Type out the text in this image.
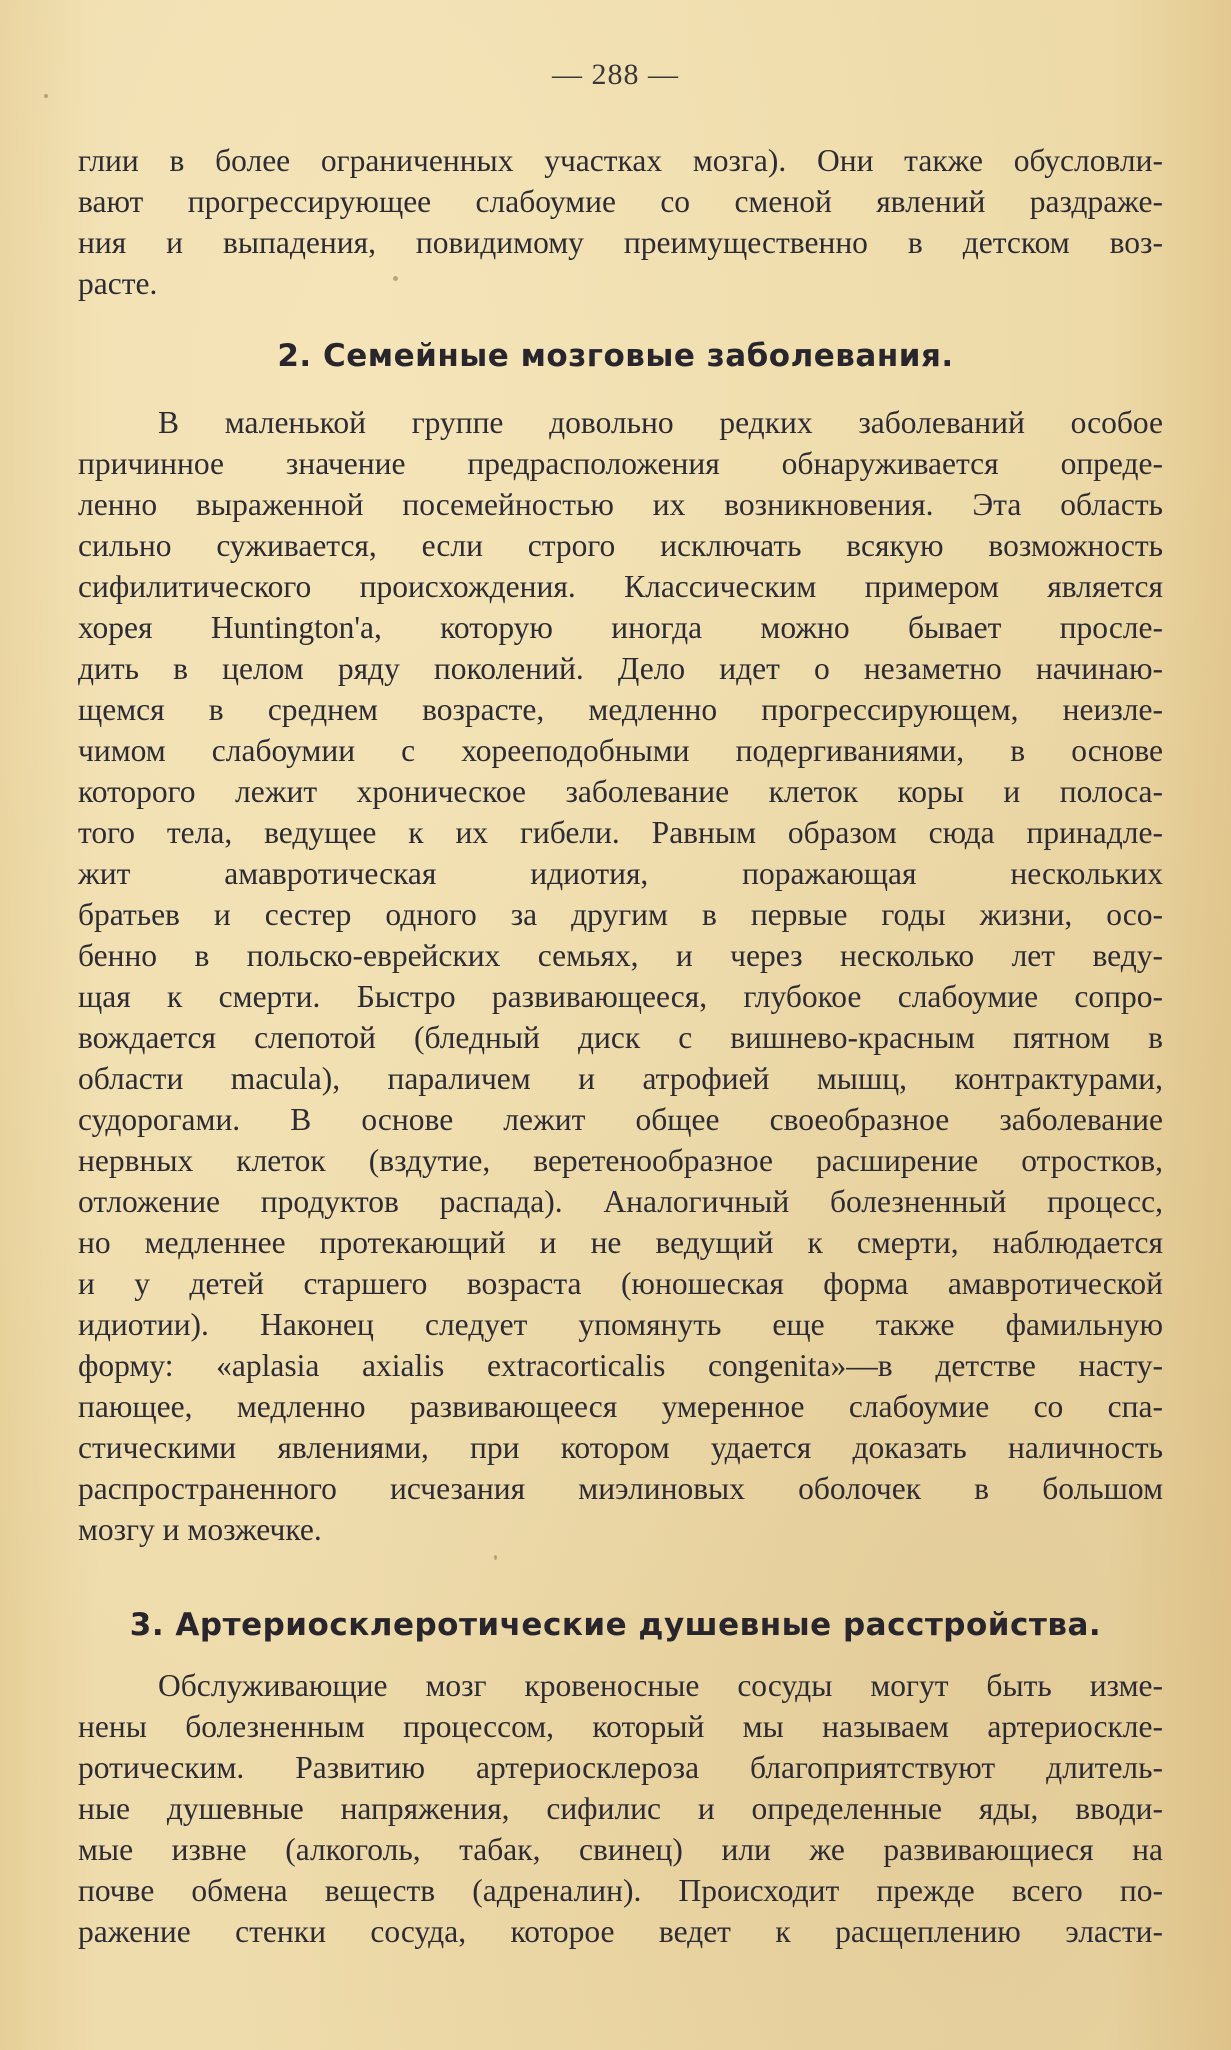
— 288 —
глии в более ограниченных участках мозга). Они также обусловли-
вают прогрессирующее слабоумие со сменой явлений раздраже-
ния и выпадения, повидимому преимущественно в детском воз-
расте.
2. Семейные мозговые заболевания.
В маленькой группе довольно редких заболеваний особое
причинное значение предрасположения обнаруживается опреде-
ленно выраженной посемейностью их возникновения. Эта область
сильно суживается, если строго исключать всякую возможность
сифилитического происхождения. Классическим примером является
хорея Huntington'а, которую иногда можно бывает просле-
дить в целом ряду поколений. Дело идет о незаметно начинаю-
щемся в среднем возрасте, медленно прогрессирующем, неизле-
чимом слабоумии с хореeподобными подергиваниями, в основе
которого лежит хроническое заболевание клеток коры и полоса-
того тела, ведущее к их гибели. Равным образом сюда принадле-
жит амавротическая идиотия, поражающая нескольких
братьев и сестер одного за другим в первые годы жизни, осо-
бенно в польско-еврейских семьях, и через несколько лет веду-
щая к смерти. Быстро развивающееся, глубокое слабоумие сопро-
вождается слепотой (бледный диск с вишнево-красным пятном в
области macula), параличем и атрофией мышц, контрактурами,
судорогами. В основе лежит общее своеобразное заболевание
нервных клеток (вздутие, веретенообразное расширение отростков,
отложение продуктов распада). Аналогичный болезненный процесс,
но медленнее протекающий и не ведущий к смерти, наблюдается
и у детей старшего возраста (юношеская форма амавротической
идиотии). Наконец следует упомянуть еще также фамильную
форму: «aplasia axialis extracorticalis congenita»—в детстве насту-
пающее, медленно развивающееся умеренное слабоумие со спа-
стическими явлениями, при котором удается доказать наличность
распространенного исчезания миэлиновых оболочек в большом
мозгу и мозжечке.
3. Артериосклеротические душевные расстройства.
Обслуживающие мозг кровеносные сосуды могут быть изме-
нены болезненным процессом, который мы называем артериоскле-
ротическим. Развитию артериосклероза благоприятствуют длитель-
ные душевные напряжения, сифилис и определенные яды, вводи-
мые извне (алкоголь, табак, свинец) или же развивающиеся на
почве обмена веществ (адреналин). Происходит прежде всего по-
ражение стенки сосуда, которое ведет к расщеплению эласти-
